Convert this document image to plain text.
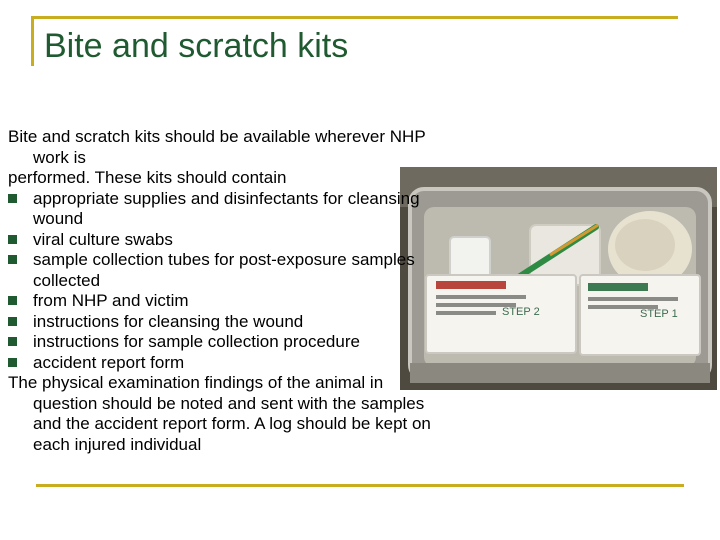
Bite and scratch kits
STEP 2	STEP 1
Bite and scratch kits should be available wherever NHP work is
performed. These kits should contain
appropriate supplies and disinfectants for cleansing wound
viral culture swabs
sample collection tubes for post-exposure samples collected
from NHP and victim
instructions for cleansing the wound
instructions for sample collection procedure
accident report form
The physical examination findings of the animal in question should be noted and sent with the samples and the accident report form. A log should be kept on each injured individual
